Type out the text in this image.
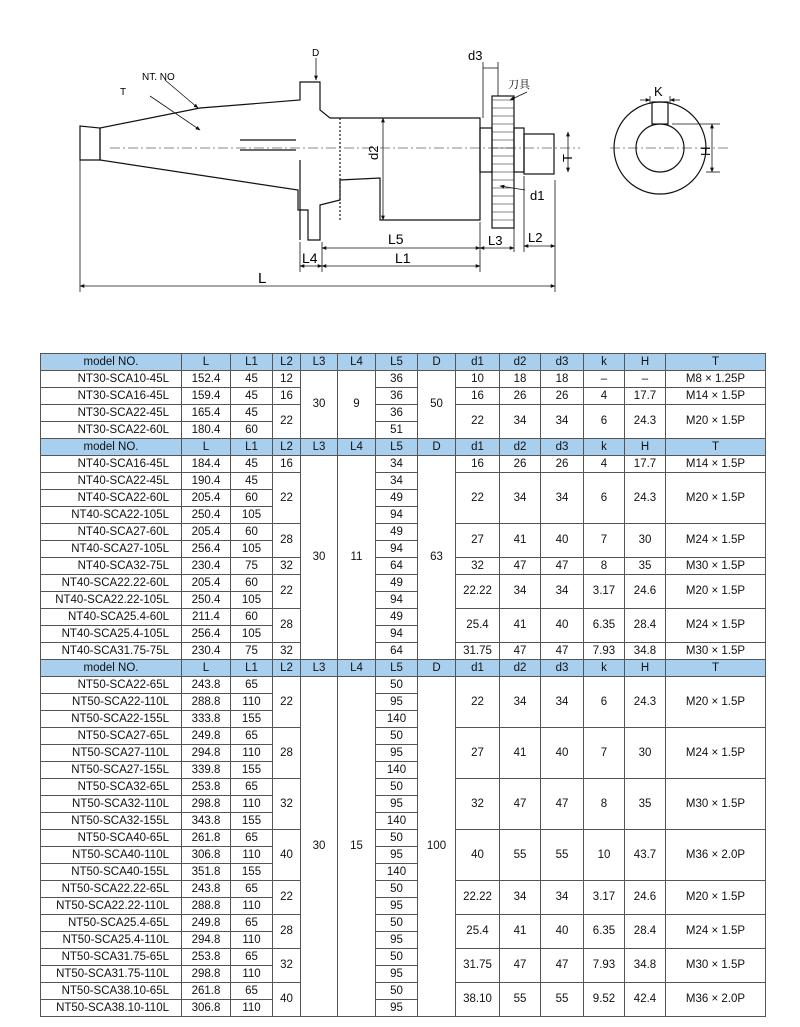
D
NT. NO
T
d3
刀具
d2	T
d1
K
H
L5	L3 L2
L4	L1
L
model NO.	L	L1	L2	L3	L4	L5	D	d1	d2	d3	k	H	T
NT30-SCA10-45L	152.4	45	12	30	9	36	50	10	18	18	–	–	M8 × 1.25P
NT30-SCA16-45L	159.4	45	16			36		16	26	26	4	17.7	M14 × 1.5P
NT30-SCA22-45L	165.4	45	22			36		22	34	34	6	24.3	M20 × 1.5P
NT30-SCA22-60L	180.4	60				51							
model NO.	L	L1	L2	L3	L4	L5	D	d1	d2	d3	k	H	T
NT40-SCA16-45L	184.4	45	16	30	11	34	63	16	26	26	4	17.7	M14 × 1.5P
NT40-SCA22-45L	190.4	45	22			34		22	34	34	6	24.3	M20 × 1.5P
NT40-SCA22-60L	205.4	60				49							
NT40-SCA22-105L	250.4	105				94							
NT40-SCA27-60L	205.4	60	28			49		27	41	40	7	30	M24 × 1.5P
NT40-SCA27-105L	256.4	105				94							
NT40-SCA32-75L	230.4	75	32			64		32	47	47	8	35	M30 × 1.5P
NT40-SCA22.22-60L	205.4	60	22			49		22.22	34	34	3.17	24.6	M20 × 1.5P
NT40-SCA22.22-105L	250.4	105				94							
NT40-SCA25.4-60L	211.4	60	28			49		25.4	41	40	6.35	28.4	M24 × 1.5P
NT40-SCA25.4-105L	256.4	105				94							
NT40-SCA31.75-75L	230.4	75	32			64		31.75	47	47	7.93	34.8	M30 × 1.5P
model NO.	L	L1	L2	L3	L4	L5	D	d1	d2	d3	k	H	T
NT50-SCA22-65L	243.8	65	22	30	15	50	100	22	34	34	6	24.3	M20 × 1.5P
NT50-SCA22-110L	288.8	110				95							
NT50-SCA22-155L	333.8	155				140							
NT50-SCA27-65L	249.8	65	28			50		27	41	40	7	30	M24 × 1.5P
NT50-SCA27-110L	294.8	110				95							
NT50-SCA27-155L	339.8	155				140							
NT50-SCA32-65L	253.8	65	32			50		32	47	47	8	35	M30 × 1.5P
NT50-SCA32-110L	298.8	110				95							
NT50-SCA32-155L	343.8	155				140							
NT50-SCA40-65L	261.8	65	40			50		40	55	55	10	43.7	M36 × 2.0P
NT50-SCA40-110L	306.8	110				95							
NT50-SCA40-155L	351.8	155				140							
NT50-SCA22.22-65L	243.8	65	22			50		22.22	34	34	3.17	24.6	M20 × 1.5P
NT50-SCA22.22-110L	288.8	110				95							
NT50-SCA25.4-65L	249.8	65	28			50		25.4	41	40	6.35	28.4	M24 × 1.5P
NT50-SCA25.4-110L	294.8	110				95							
NT50-SCA31.75-65L	253.8	65	32			50		31.75	47	47	7.93	34.8	M30 × 1.5P
NT50-SCA31.75-110L	298.8	110				95							
NT50-SCA38.10-65L	261.8	65	40			50		38.10	55	55	9.52	42.4	M36 × 2.0P
NT50-SCA38.10-110L	306.8	110				95							
